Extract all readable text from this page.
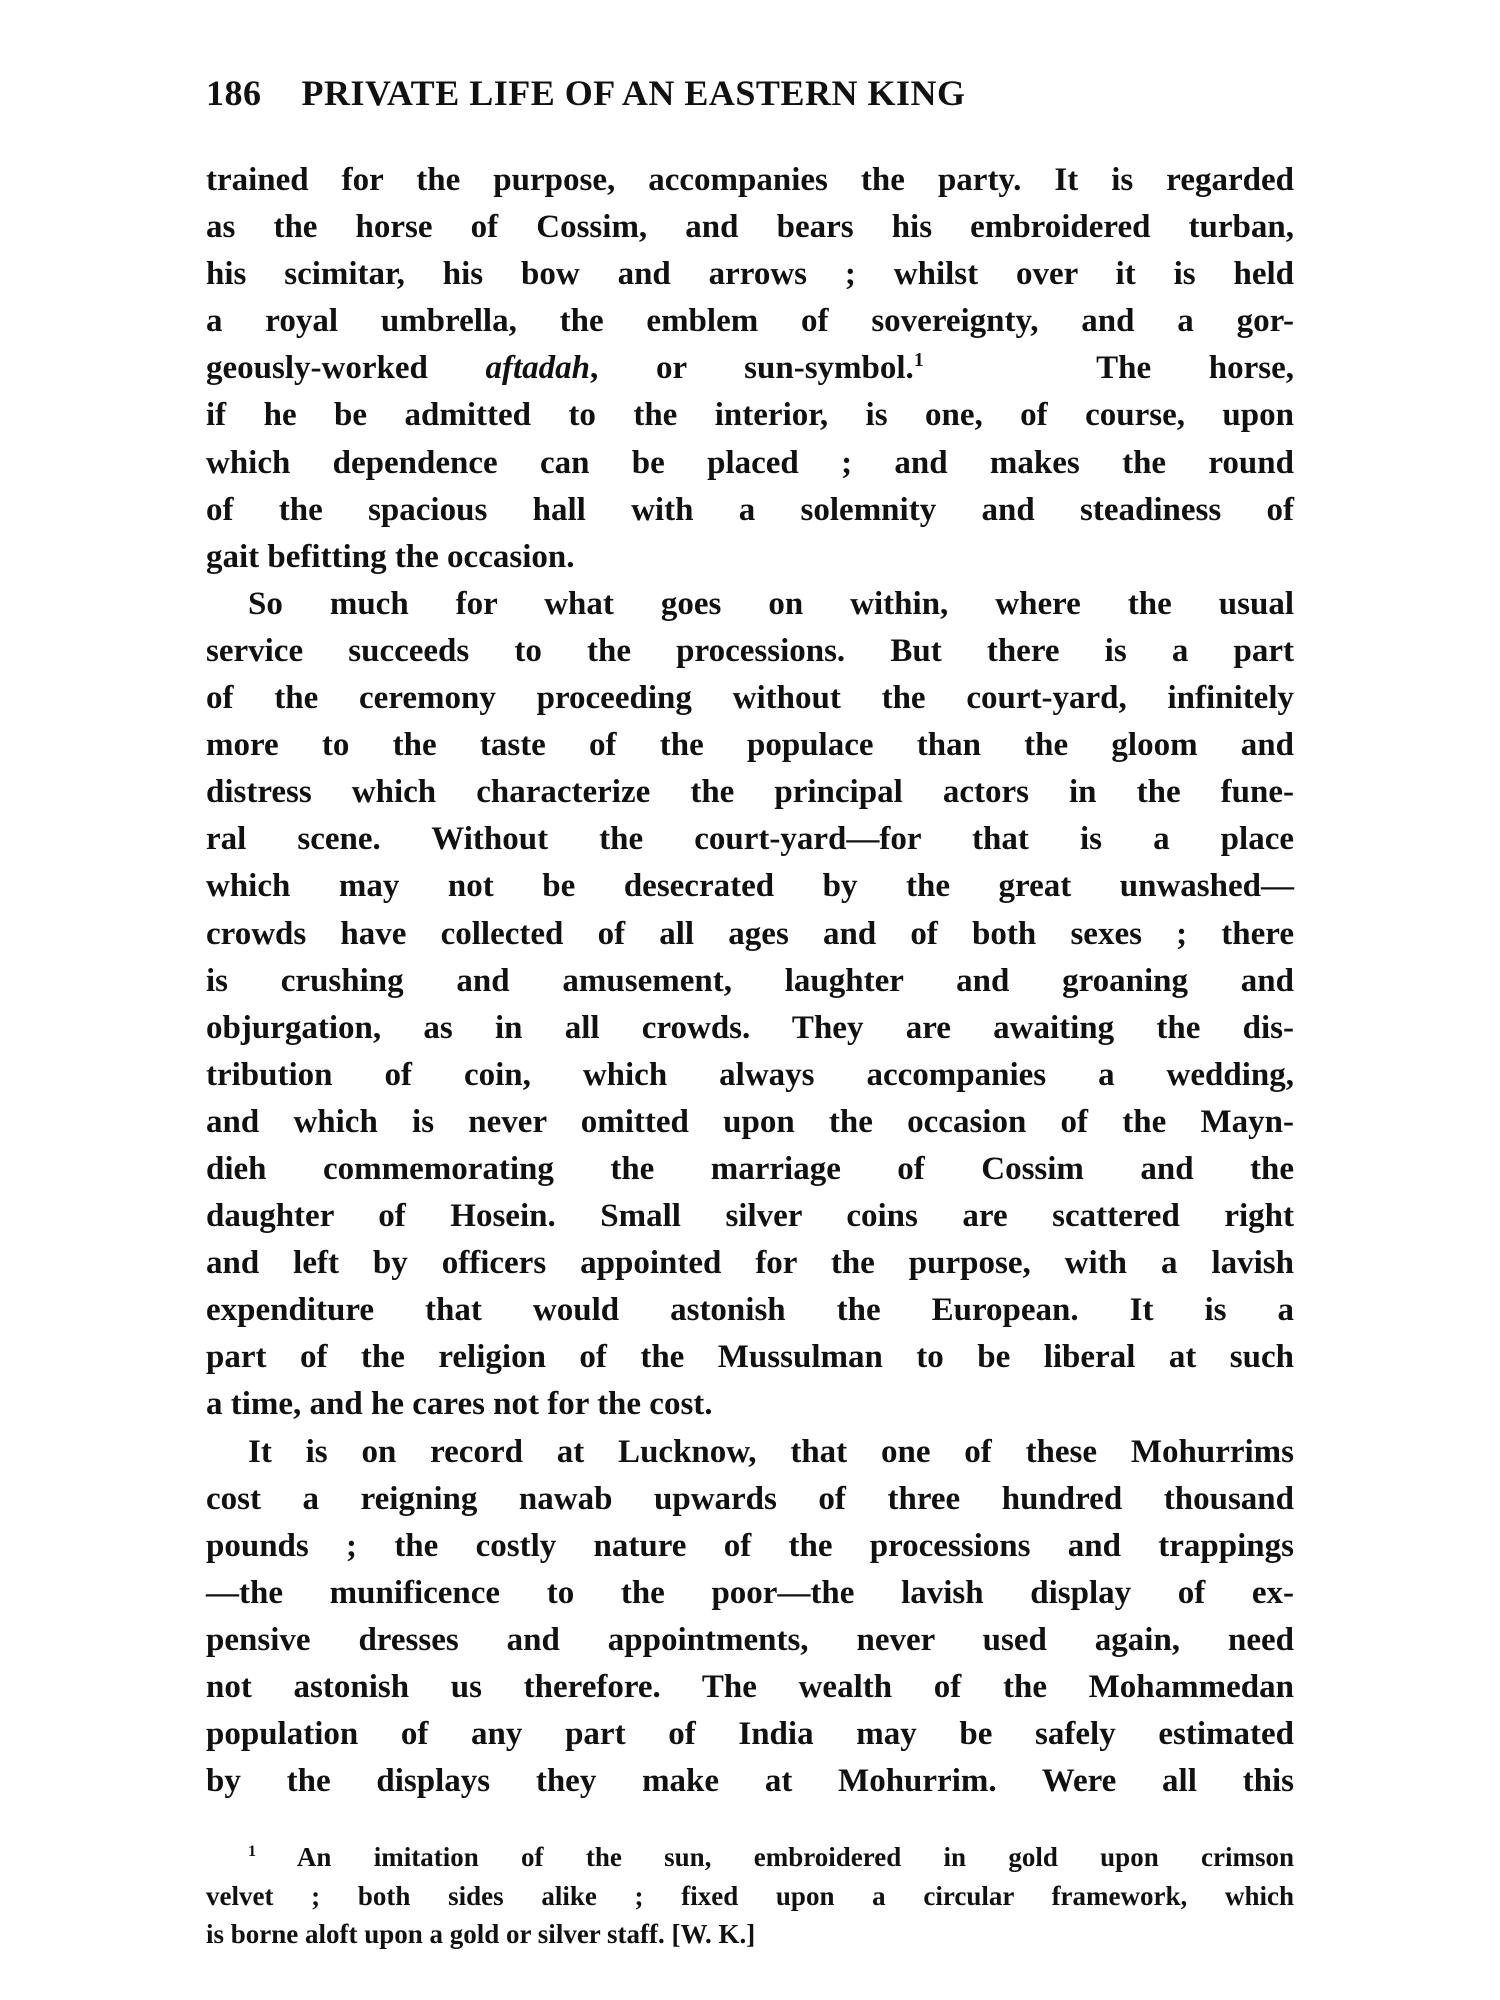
186 PRIVATE LIFE OF AN EASTERN KING
trained for the purpose, accompanies the party. It is regarded
as the horse of Cossim, and bears his embroidered turban,
his scimitar, his bow and arrows ; whilst over it is held
a royal umbrella, the emblem of sovereignty, and a gor-
geously-worked aftadah, or sun-symbol.$^1$	The horse,
if he be admitted to the interior, is one, of course, upon
which dependence can be placed ; and makes the round
of the spacious hall with a solemnity and steadiness of
gait befitting the occasion.
So much for what goes on within, where the usual
service succeeds to the processions. But there is a part
of the ceremony proceeding without the court-yard, infinitely
more to the taste of the populace than the gloom and
distress which characterize the principal actors in the fune-
ral scene. Without the court-yard—for that is a place
which may not be desecrated by the great unwashed—
crowds have collected of all ages and of both sexes ; there
is crushing and amusement, laughter and groaning and
objurgation, as in all crowds. They are awaiting the dis-
tribution of coin, which always accompanies a wedding,
and which is never omitted upon the occasion of the Mayn-
dieh commemorating the marriage of Cossim and the
daughter of Hosein. Small silver coins are scattered right
and left by officers appointed for the purpose, with a lavish
expenditure that would astonish the European. It is a
part of the religion of the Mussulman to be liberal at such
a time, and he cares not for the cost.
It is on record at Lucknow, that one of these Mohurrims
cost a reigning nawab upwards of three hundred thousand
pounds ; the costly nature of the processions and trappings
—the munificence to the poor—the lavish display of ex-
pensive dresses and appointments, never used again, need
not astonish us therefore. The wealth of the Mohammedan
population of any part of India may be safely estimated
by the displays they make at Mohurrim. Were all this
$^1$ An imitation of the sun, embroidered in gold upon crimson
velvet ; both sides alike ; fixed upon a circular framework, which
is borne aloft upon a gold or silver staff. [W. K.]
